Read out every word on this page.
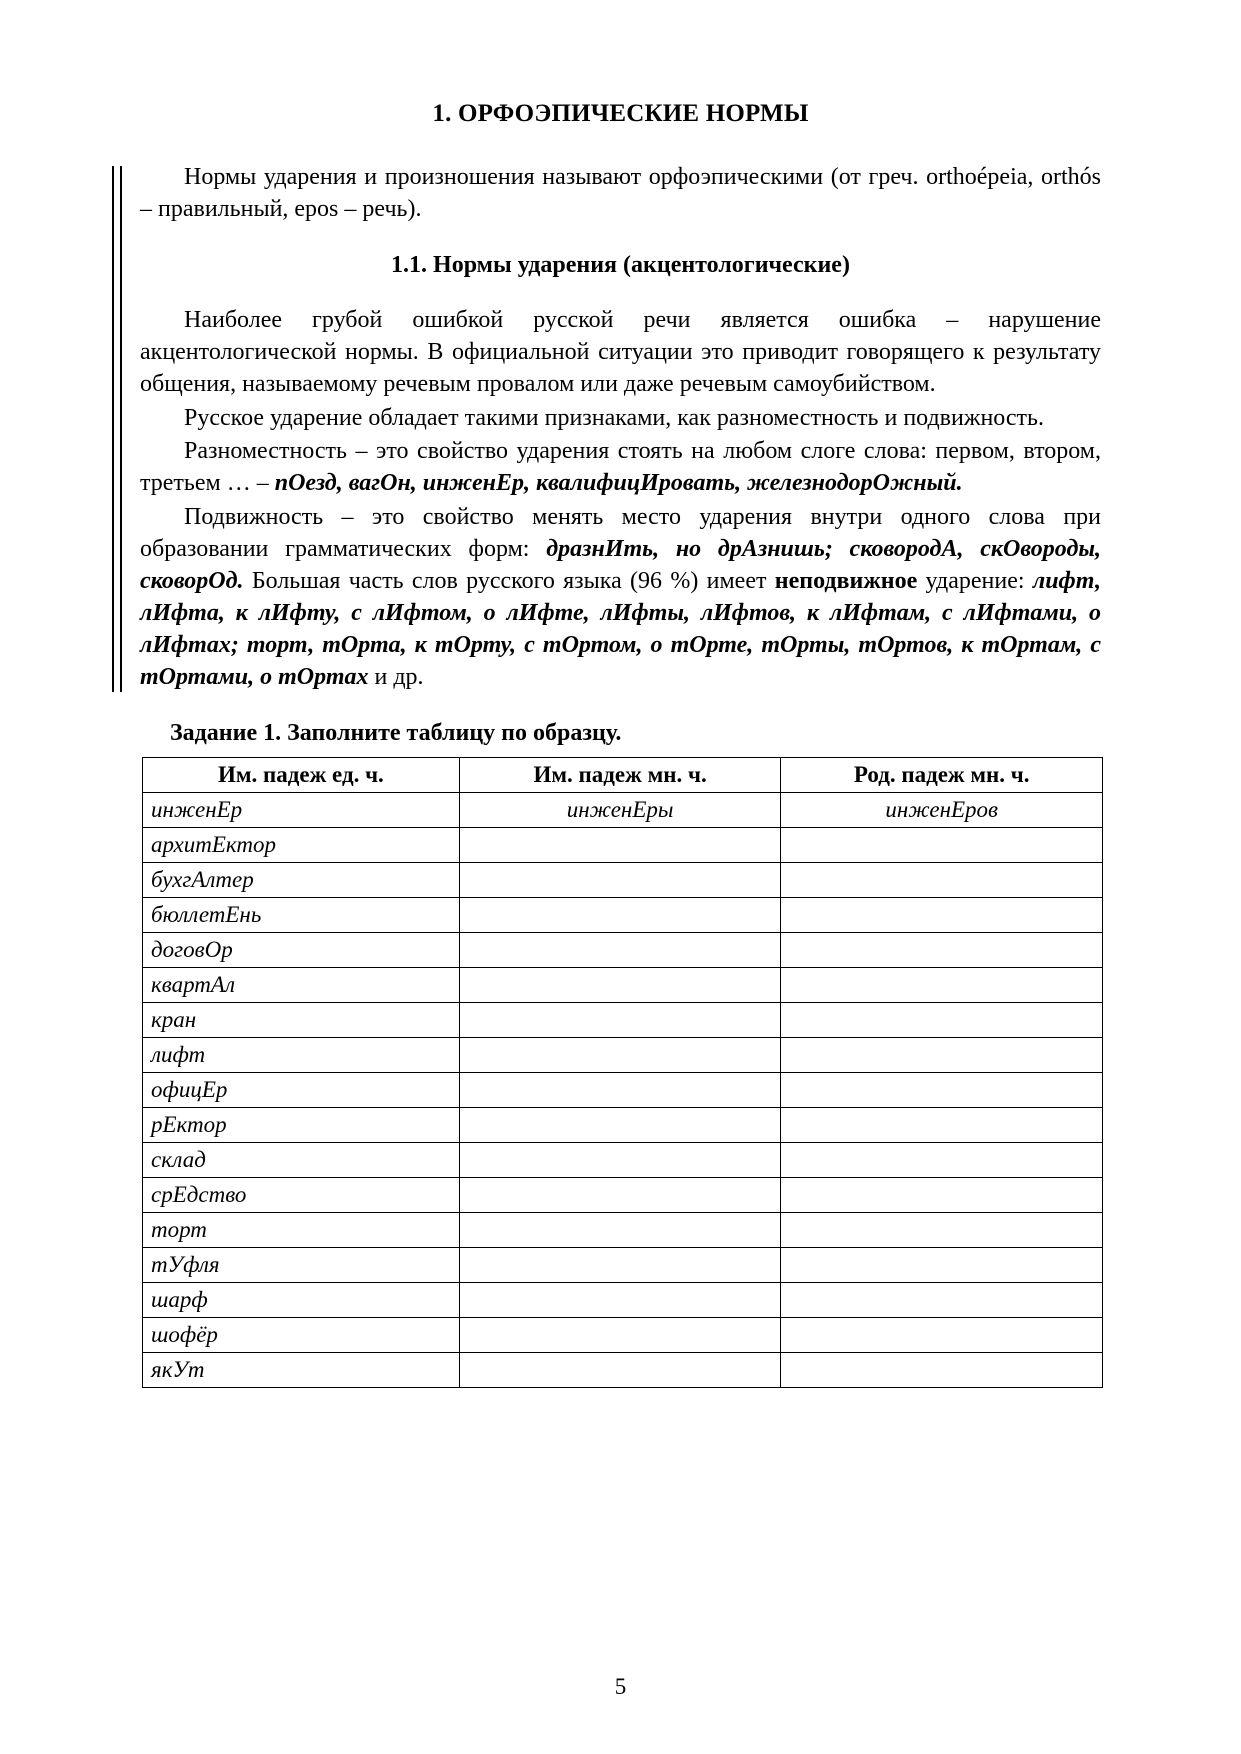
1. ОРФОЭПИЧЕСКИЕ НОРМЫ

Нормы ударения и произношения называют орфоэпическими (от греч. orthoépeia, orthós – правильный, epos – речь).

1.1. Нормы ударения (акцентологические)

Наиболее грубой ошибкой русской речи является ошибка – нарушение акцентологической нормы. В официальной ситуации это приводит говорящего к результату общения, называемому речевым провалом или даже речевым самоубийством.

Русское ударение обладает такими признаками, как разноместность и подвижность.

Разноместность – это свойство ударения стоять на любом слоге слова: первом, втором, третьем … – пОезд, вагОн, инженЕр, квалифицИровать, железнодорОжный.

Подвижность – это свойство менять место ударения внутри одного слова при образовании грамматических форм: дразнИть, но дрАзнишь; сковородА, скОвороды, сковорОд. Большая часть слов русского языка (96 %) имеет неподвижное ударение: лифт, лИфта, к лИфту, с лИфтом, о лИфте, лИфты, лИфтов, к лИфтам, с лИфтами, о лИфтах; торт, тОрта, к тОрту, с тОртом, о тОрте, тОрты, тОртов, к тОртам, с тОртами, о тОртах и др.

Задание 1. Заполните таблицу по образцу.
Им. падеж ед. ч.	Им. падеж мн. ч.	Род. падеж мн. ч.
инженЕр	инженЕры	инженЕров
архитЕктор		
бухгАлтер		
бюллетЕнь		
договОр		
квартАл		
кран		
лифт		
офицЕр		
рЕктор		
склад		
срЕдство		
торт		
тУфля		
шарф		
шофёр		
якУт		
5
